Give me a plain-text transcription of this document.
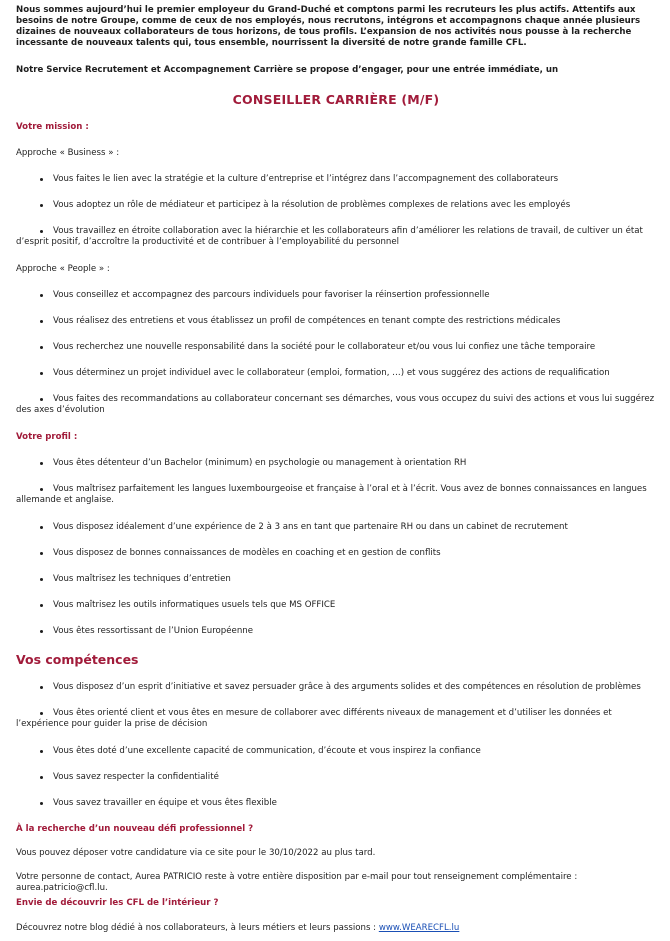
Nous sommes aujourd’hui le premier employeur du Grand-Duché et comptons parmi les recruteurs les plus actifs. Attentifs aux besoins de notre Groupe, comme de ceux de nos employés, nous recrutons, intégrons et accompagnons chaque année plusieurs dizaines de nouveaux collaborateurs de tous horizons, de tous profils. L’expansion de nos activités nous pousse à la recherche incessante de nouveaux talents qui, tous ensemble, nourrissent la diversité de notre grande famille CFL.

Notre Service Recrutement et Accompagnement Carrière se propose d’engager, pour une entrée immédiate, un

CONSEILLER CARRIÈRE (M/F)

Votre mission :

Approche « Business » :

Vous faites le lien avec la stratégie et la culture d’entreprise et l’intégrez dans l’accompagnement des collaborateurs
Vous adoptez un rôle de médiateur et participez à la résolution de problèmes complexes de relations avec les employés
Vous travaillez en étroite collaboration avec la hiérarchie et les collaborateurs afin d’améliorer les relations de travail, de cultiver un état d’esprit positif, d’accroître la productivité et de contribuer à l’employabilité du personnel

Approche « People » :

Vous conseillez et accompagnez des parcours individuels pour favoriser la réinsertion professionnelle
Vous réalisez des entretiens et vous établissez un profil de compétences en tenant compte des restrictions médicales
Vous recherchez une nouvelle responsabilité dans la société pour le collaborateur et/ou vous lui confiez une tâche temporaire
Vous déterminez un projet individuel avec le collaborateur (emploi, formation, …) et vous suggérez des actions de requalification
Vous faites des recommandations au collaborateur concernant ses démarches, vous vous occupez du suivi des actions et vous lui suggérez des axes d’évolution

Votre profil :

Vous êtes détenteur d’un Bachelor (minimum) en psychologie ou management à orientation RH
Vous maîtrisez parfaitement les langues luxembourgeoise et française à l’oral et à l’écrit. Vous avez de bonnes connaissances en langues allemande et anglaise.
Vous disposez idéalement d’une expérience de 2 à 3 ans en tant que partenaire RH ou dans un cabinet de recrutement
Vous disposez de bonnes connaissances de modèles en coaching et en gestion de conflits
Vous maîtrisez les techniques d’entretien
Vous maîtrisez les outils informatiques usuels tels que MS OFFICE
Vous êtes ressortissant de l’Union Européenne

Vos compétences

Vous disposez d’un esprit d’initiative et savez persuader grâce à des arguments solides et des compétences en résolution de problèmes
Vous êtes orienté client et vous êtes en mesure de collaborer avec différents niveaux de management et d’utiliser les données et l’expérience pour guider la prise de décision
Vous êtes doté d’une excellente capacité de communication, d’écoute et vous inspirez la confiance
Vous savez respecter la confidentialité
Vous savez travailler en équipe et vous êtes flexible

À la recherche d’un nouveau défi professionnel ?

Vous pouvez déposer votre candidature via ce site pour le 30/10/2022 au plus tard.

Votre personne de contact, Aurea PATRICIO reste à votre entière disposition par e-mail pour tout renseignement complémentaire : aurea.patricio@cfl.lu.

Envie de découvrir les CFL de l’intérieur ?

Découvrez notre blog dédié à nos collaborateurs, à leurs métiers et leurs passions : www.WEARECFL.lu
